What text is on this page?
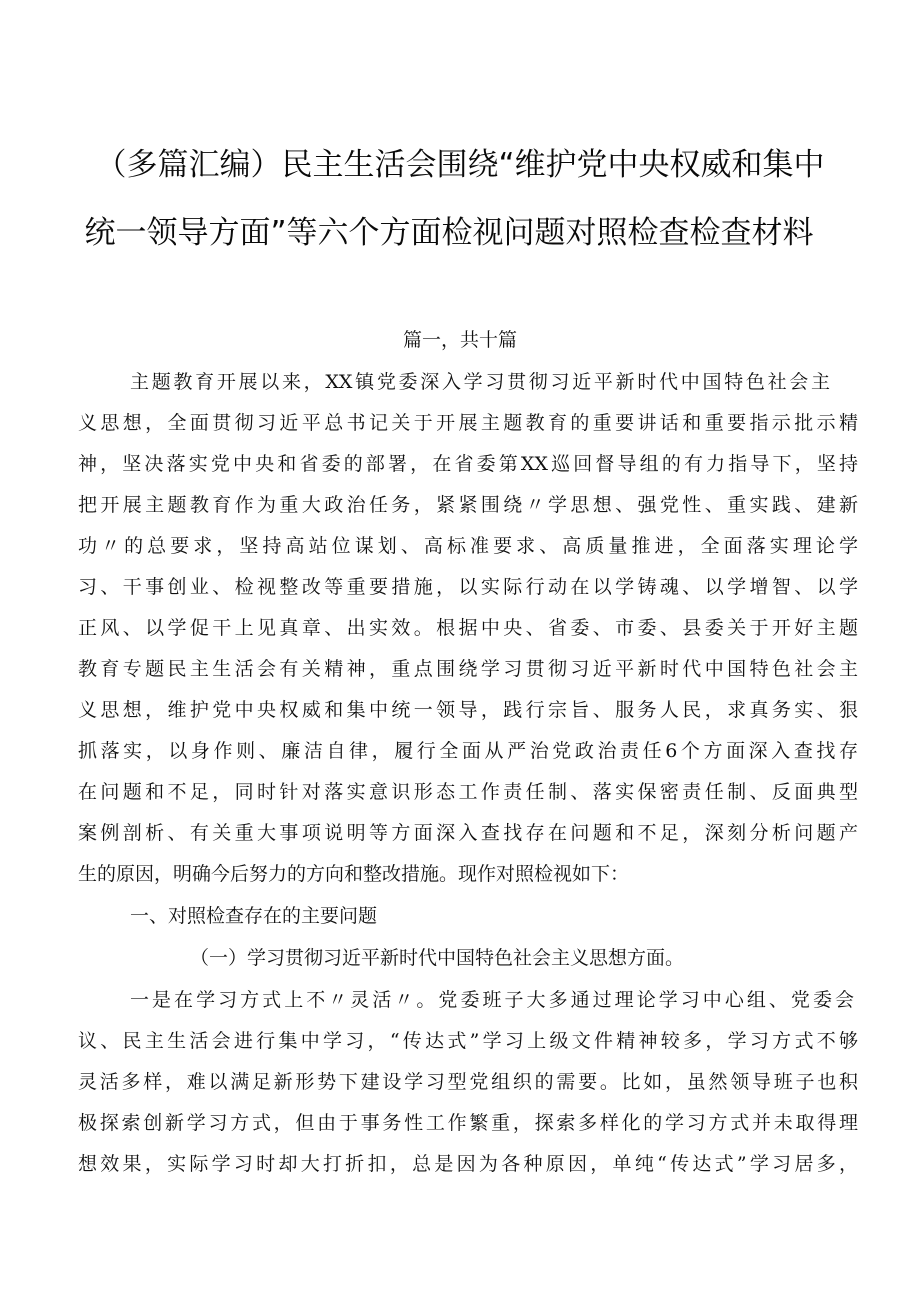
（多篇汇编）民主生活会围绕“维护党中央权威和集中
统一领导方面”等六个方面检视问题对照检查检查材料
篇一，共十篇
主题教育开展以来，XX镇党委深入学习贯彻习近平新时代中国特色社会主
义思想，全面贯彻习近平总书记关于开展主题教育的重要讲话和重要指示批示精
神，坚决落实党中央和省委的部署，在省委第XX巡回督导组的有力指导下，坚持
把开展主题教育作为重大政治任务，紧紧围绕〃学思想、强党性、重实践、建新
功〃的总要求，坚持高站位谋划、高标准要求、高质量推进，全面落实理论学
习、干事创业、检视整改等重要措施，以实际行动在以学铸魂、以学增智、以学
正风、以学促干上见真章、出实效。根据中央、省委、市委、县委关于开好主题
教育专题民主生活会有关精神，重点围绕学习贯彻习近平新时代中国特色社会主
义思想，维护党中央权威和集中统一领导，践行宗旨、服务人民，求真务实、狠
抓落实，以身作则、廉洁自律，履行全面从严治党政治责任6个方面深入查找存
在问题和不足，同时针对落实意识形态工作责任制、落实保密责任制、反面典型
案例剖析、有关重大事项说明等方面深入查找存在问题和不足，深刻分析问题产
生的原因，明确今后努力的方向和整改措施。现作对照检视如下：
一、对照检查存在的主要问题
（一）学习贯彻习近平新时代中国特色社会主义思想方面。
一是在学习方式上不〃灵活〃。党委班子大多通过理论学习中心组、党委会
议、民主生活会进行集中学习，“传达式”学习上级文件精神较多，学习方式不够
灵活多样，难以满足新形势下建设学习型党组织的需要。比如，虽然领导班子也积
极探索创新学习方式，但由于事务性工作繁重，探索多样化的学习方式并未取得理
想效果，实际学习时却大打折扣，总是因为各种原因，单纯“传达式”学习居多，
